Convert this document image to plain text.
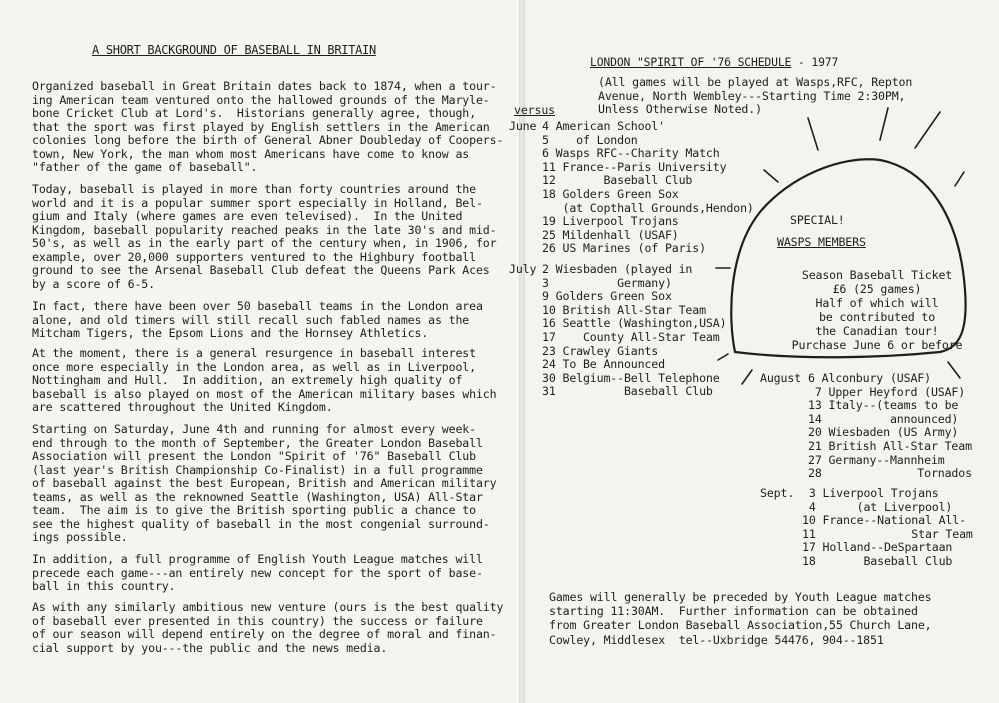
A SHORT BACKGROUND OF BASEBALL IN BRITAIN

Organized baseball in Great Britain dates back to 1874, when a tour-
ing American team ventured onto the hallowed grounds of the Maryle-
bone Cricket Club at Lord's.  Historians generally agree, though,
that the sport was first played by English settlers in the American
colonies long before the birth of General Abner Doubleday of Coopers-
town, New York, the man whom most Americans have come to know as
"father of the game of baseball".

Today, baseball is played in more than forty countries around the
world and it is a popular summer sport especially in Holland, Bel-
gium and Italy (where games are even televised).  In the United
Kingdom, baseball popularity reached peaks in the late 30's and mid-
50's, as well as in the early part of the century when, in 1906, for
example, over 20,000 supporters ventured to the Highbury football
ground to see the Arsenal Baseball Club defeat the Queens Park Aces
by a score of 6-5.

In fact, there have been over 50 baseball teams in the London area
alone, and old timers will still recall such fabled names as the
Mitcham Tigers, the Epsom Lions and the Hornsey Athletics.

At the moment, there is a general resurgence in baseball interest
once more especially in the London area, as well as in Liverpool,
Nottingham and Hull.  In addition, an extremely high quality of
baseball is also played on most of the American military bases which
are scattered throughout the United Kingdom.

Starting on Saturday, June 4th and running for almost every week-
end through to the month of September, the Greater London Baseball
Association will present the London "Spirit of '76" Baseball Club
(last year's British Championship Co-Finalist) in a full programme
of baseball against the best European, British and American military
teams, as well as the reknowned Seattle (Washington, USA) All-Star
team.  The aim is to give the British sporting public a chance to
see the highest quality of baseball in the most congenial surround-
ings possible.

In addition, a full programme of English Youth League matches will
precede each game---an entirely new concept for the sport of base-
ball in this country.

As with any similarly ambitious new venture (ours is the best quality
of baseball ever presented in this country) the success or failure
of our season will depend entirely on the degree of moral and finan-
cial support by you---the public and the news media.

LONDON "SPIRIT OF '76 SCHEDULE - 1977
(All games will be played at Wasps,RFC, Repton
Avenue, North Wembley---Starting Time 2:30PM,
Unless Otherwise Noted.)
versus
June 4 American School'
5    of London
6 Wasps RFC--Charity Match
11 France--Paris University
12       Baseball Club
18 Golders Green Sox
(at Copthall Grounds,Hendon)
19 Liverpool Trojans
25 Mildenhall (USAF)
26 US Marines (of Paris)
July 2 Wiesbaden (played in
3          Germany)
9 Golders Green Sox
10 British All-Star Team
16 Seattle (Washington,USA)
17    County All-Star Team
23 Crawley Giants
24 To Be Announced
30 Belgium--Bell Telephone
31          Baseball Club
SPECIAL!
WASPS MEMBERS
Season Baseball Ticket
£6 (25 games)
Half of which will
be contributed to
the Canadian tour!
Purchase June 6 or before
August 6 Alconbury (USAF)
7 Upper Heyford (USAF)
13 Italy--(teams to be
14          announced)
20 Wiesbaden (US Army)
21 British All-Star Team
27 Germany--Mannheim
28              Tornados
Sept.	3 Liverpool Trojans
4      (at Liverpool)
10 France--National All-
11              Star Team
17 Holland--DeSpartaan
18       Baseball Club
Games will generally be preceded by Youth League matches
starting 11:30AM.  Further information can be obtained
from Greater London Baseball Association,55 Church Lane,
Cowley, Middlesex  tel--Uxbridge 54476, 904--1851
